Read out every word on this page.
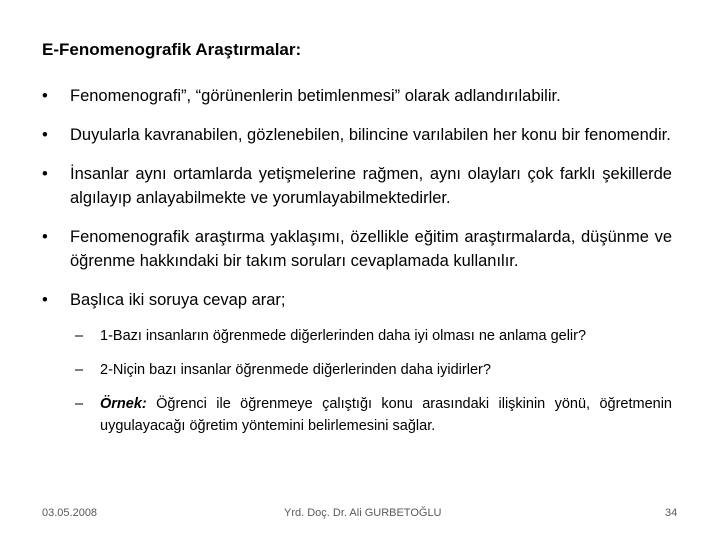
E-Fenomenografik Araştırmalar:
• Fenomenografi”, “görünenlerin betimlenmesi” olarak adlandırılabilir.
• Duyularla kavranabilen, gözlenebilen, bilincine varılabilen her konu bir fenomendir.
• İnsanlar aynı ortamlarda yetişmelerine rağmen, aynı olayları çok farklı şekillerde algılayıp anlayabilmekte ve yorumlayabilmektedirler.
• Fenomenografik araştırma yaklaşımı, özellikle eğitim araştırmalarda, düşünme ve öğrenme hakkındaki bir takım soruları cevaplamada kullanılır.
• Başlıca iki soruya cevap arar;
– 1-Bazı insanların öğrenmede diğerlerinden daha iyi olması ne anlama gelir?
– 2-Niçin bazı insanlar öğrenmede diğerlerinden daha iyidirler?
– Örnek: Öğrenci ile öğrenmeye çalıştığı konu arasındaki ilişkinin yönü, öğretmenin uygulayacağı öğretim yöntemini belirlemesini sağlar.
03.05.2008	Yrd. Doç. Dr. Ali GURBETOĞLU	34
